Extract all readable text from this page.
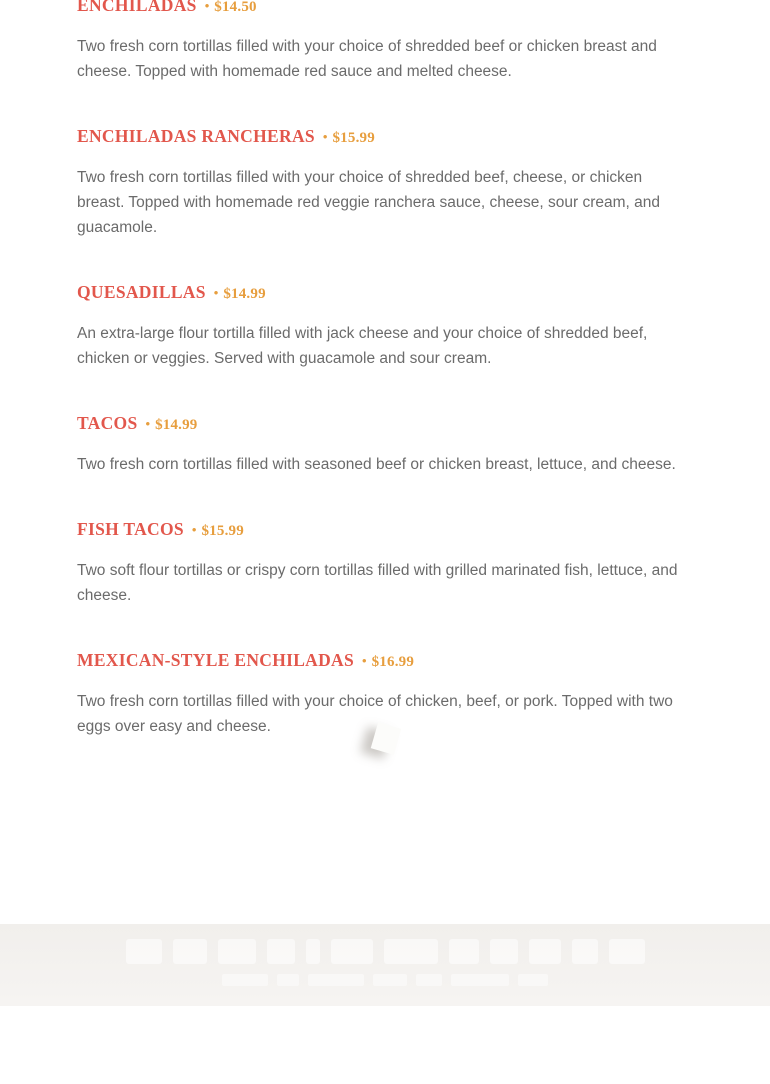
ENCHILADAS • $14.50

Two fresh corn tortillas filled with your choice of shredded beef or chicken breast and cheese. Topped with homemade red sauce and melted cheese.

ENCHILADAS RANCHERAS • $15.99

Two fresh corn tortillas filled with your choice of shredded beef, cheese, or chicken breast. Topped with homemade red veggie ranchera sauce, cheese, sour cream, and guacamole.

QUESADILLAS • $14.99

An extra-large flour tortilla filled with jack cheese and your choice of shredded beef, chicken or veggies. Served with guacamole and sour cream.

TACOS • $14.99

Two fresh corn tortillas filled with seasoned beef or chicken breast, lettuce, and cheese.

FISH TACOS • $15.99

Two soft flour tortillas or crispy corn tortillas filled with grilled marinated fish, lettuce, and cheese.

MEXICAN-STYLE ENCHILADAS • $16.99

Two fresh corn tortillas filled with your choice of chicken, beef, or pork. Topped with two eggs over easy and cheese.
